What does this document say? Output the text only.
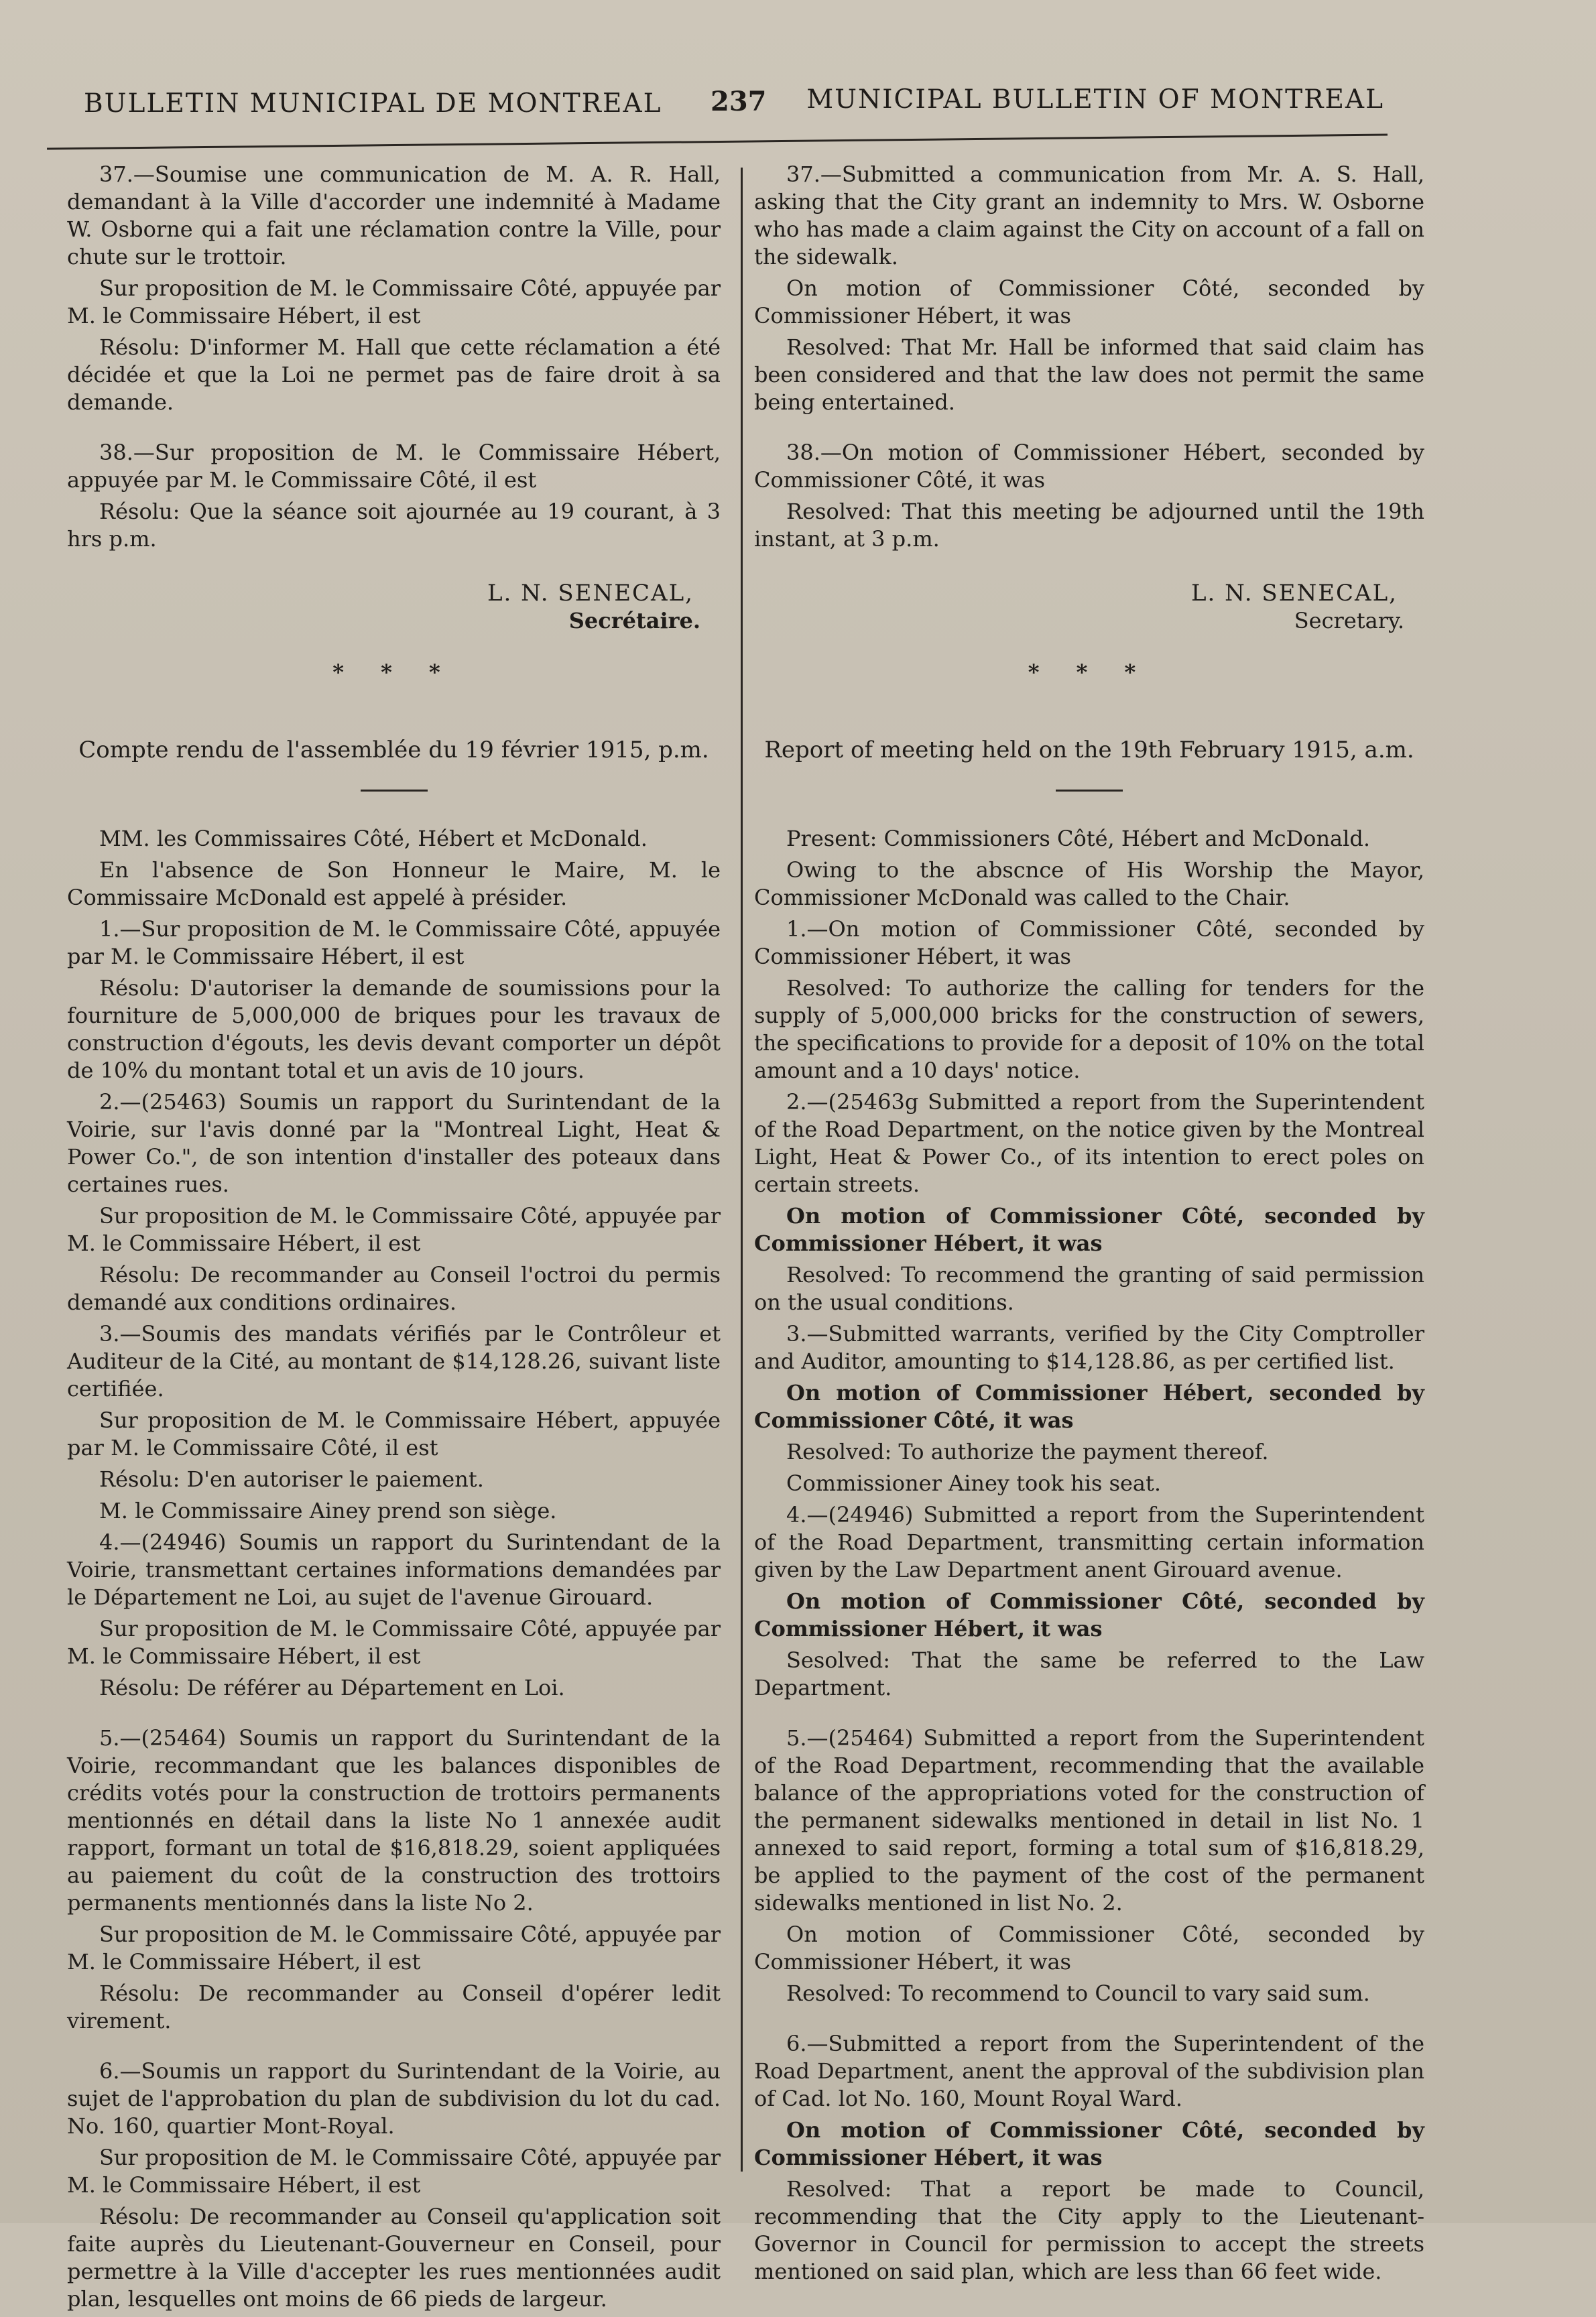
BULLETIN MUNICIPAL DE MONTREAL 237 MUNICIPAL BULLETIN OF MONTREAL

37.—Soumise une communication de M. A. R. Hall, demandant à la Ville d'accorder une indemnité à Madame W. Osborne qui a fait une réclamation contre la Ville, pour chute sur le trottoir.

Sur proposition de M. le Commissaire Côté, appuyée par M. le Commissaire Hébert, il est

Résolu: D'informer M. Hall que cette réclamation a été décidée et que la Loi ne permet pas de faire droit à sa demande.

38.—Sur proposition de M. le Commissaire Hébert, appuyée par M. le Commissaire Côté, il est

Résolu: Que la séance soit ajournée au 19 courant, à 3 hrs p.m.

L. N. SENECAL,
Secrétaire.
* * *
Compte rendu de l'assemblée du 19 février 1915, p.m.

MM. les Commissaires Côté, Hébert et McDonald.

En l'absence de Son Honneur le Maire, M. le Commissaire McDonald est appelé à présider.

1.—Sur proposition de M. le Commissaire Côté, appuyée par M. le Commissaire Hébert, il est

Résolu: D'autoriser la demande de soumissions pour la fourniture de 5,000,000 de briques pour les travaux de construction d'égouts, les devis devant comporter un dépôt de 10% du montant total et un avis de 10 jours.

2.—(25463) Soumis un rapport du Surintendant de la Voirie, sur l'avis donné par la "Montreal Light, Heat & Power Co.", de son intention d'installer des poteaux dans certaines rues.

Sur proposition de M. le Commissaire Côté, appuyée par M. le Commissaire Hébert, il est

Résolu: De recommander au Conseil l'octroi du permis demandé aux conditions ordinaires.

3.—Soumis des mandats vérifiés par le Contrôleur et Auditeur de la Cité, au montant de $14,128.26, suivant liste certifiée.

Sur proposition de M. le Commissaire Hébert, appuyée par M. le Commissaire Côté, il est

Résolu: D'en autoriser le paiement.

M. le Commissaire Ainey prend son siège.

4.—(24946) Soumis un rapport du Surintendant de la Voirie, transmettant certaines informations demandées par le Département ne Loi, au sujet de l'avenue Girouard.

Sur proposition de M. le Commissaire Côté, appuyée par M. le Commissaire Hébert, il est

Résolu: De référer au Département en Loi.

5.—(25464) Soumis un rapport du Surintendant de la Voirie, recommandant que les balances disponibles de crédits votés pour la construction de trottoirs permanents mentionnés en détail dans la liste No 1 annexée audit rapport, formant un total de $16,818.29, soient appliquées au paiement du coût de la construction des trottoirs permanents mentionnés dans la liste No 2.

Sur proposition de M. le Commissaire Côté, appuyée par M. le Commissaire Hébert, il est

Résolu: De recommander au Conseil d'opérer ledit virement.

6.—Soumis un rapport du Surintendant de la Voirie, au sujet de l'approbation du plan de subdivision du lot du cad. No. 160, quartier Mont-Royal.

Sur proposition de M. le Commissaire Côté, appuyée par M. le Commissaire Hébert, il est

Résolu: De recommander au Conseil qu'application soit faite auprès du Lieutenant-Gouverneur en Conseil, pour permettre à la Ville d'accepter les rues mentionnées audit plan, lesquelles ont moins de 66 pieds de largeur.

37.—Submitted a communication from Mr. A. S. Hall, asking that the City grant an indemnity to Mrs. W. Osborne who has made a claim against the City on account of a fall on the sidewalk.

On motion of Commissioner Côté, seconded by Commissioner Hébert, it was

Resolved: That Mr. Hall be informed that said claim has been considered and that the law does not permit the same being entertained.

38.—On motion of Commissioner Hébert, seconded by Commissioner Côté, it was

Resolved: That this meeting be adjourned until the 19th instant, at 3 p.m.

L. N. SENECAL,
Secretary.
* * *
Report of meeting held on the 19th February 1915, a.m.

Present: Commissioners Côté, Hébert and McDonald.

Owing to the abscnce of His Worship the Mayor, Commissioner McDonald was called to the Chair.

1.—On motion of Commissioner Côté, seconded by Commissioner Hébert, it was

Resolved: To authorize the calling for tenders for the supply of 5,000,000 bricks for the construction of sewers, the specifications to provide for a deposit of 10% on the total amount and a 10 days' notice.

2.—(25463g Submitted a report from the Superintendent of the Road Department, on the notice given by the Montreal Light, Heat & Power Co., of its intention to erect poles on certain streets.

On motion of Commissioner Côté, seconded by Commissioner Hébert, it was

Resolved: To recommend the granting of said permission on the usual conditions.

3.—Submitted warrants, verified by the City Comptroller and Auditor, amounting to $14,128.86, as per certified list.

On motion of Commissioner Hébert, seconded by Commissioner Côté, it was

Resolved: To authorize the payment thereof.

Commissioner Ainey took his seat.

4.—(24946) Submitted a report from the Superintendent of the Road Department, transmitting certain information given by the Law Department anent Girouard avenue.

On motion of Commissioner Côté, seconded by Commissioner Hébert, it was

Sesolved: That the same be referred to the Law Department.

5.—(25464) Submitted a report from the Superintendent of the Road Department, recommending that the available balance of the appropriations voted for the construction of the permanent sidewalks mentioned in detail in list No. 1 annexed to said report, forming a total sum of $16,818.29, be applied to the payment of the cost of the permanent sidewalks mentioned in list No. 2.

On motion of Commissioner Côté, seconded by Commissioner Hébert, it was

Resolved: To recommend to Council to vary said sum.

6.—Submitted a report from the Superintendent of the Road Department, anent the approval of the subdivision plan of Cad. lot No. 160, Mount Royal Ward.

On motion of Commissioner Côté, seconded by Commissioner Hébert, it was

Resolved: That a report be made to Council, recommending that the City apply to the Lieutenant-Governor in Council for permission to accept the streets mentioned on said plan, which are less than 66 feet wide.
